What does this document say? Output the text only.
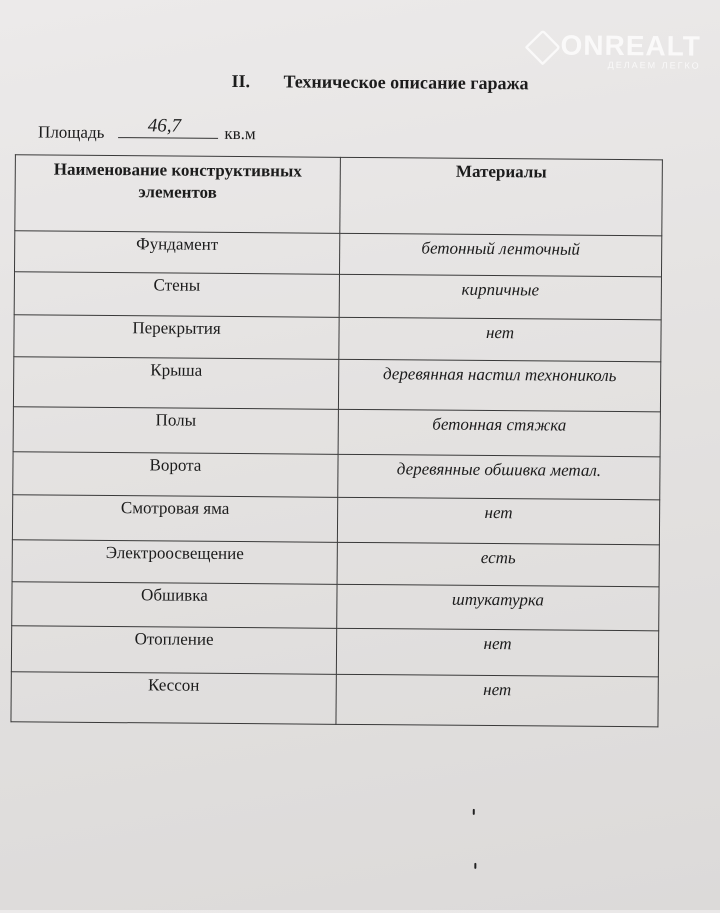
ONREALT
ДЕЛАЕМ ЛЕГКО
II. Техническое описание гаража
Площадь	46,7	кв.м
Наименование конструктивных элементов	Материалы
Фундамент	бетонный ленточный
Стены	кирпичные
Перекрытия	нет
Крыша	деревянная настил технониколь
Полы	бетонная стяжка
Ворота	деревянные обшивка метал.
Смотровая яма	нет
Электроосвещение	есть
Обшивка	штукатурка
Отопление	нет
Кессон	нет
